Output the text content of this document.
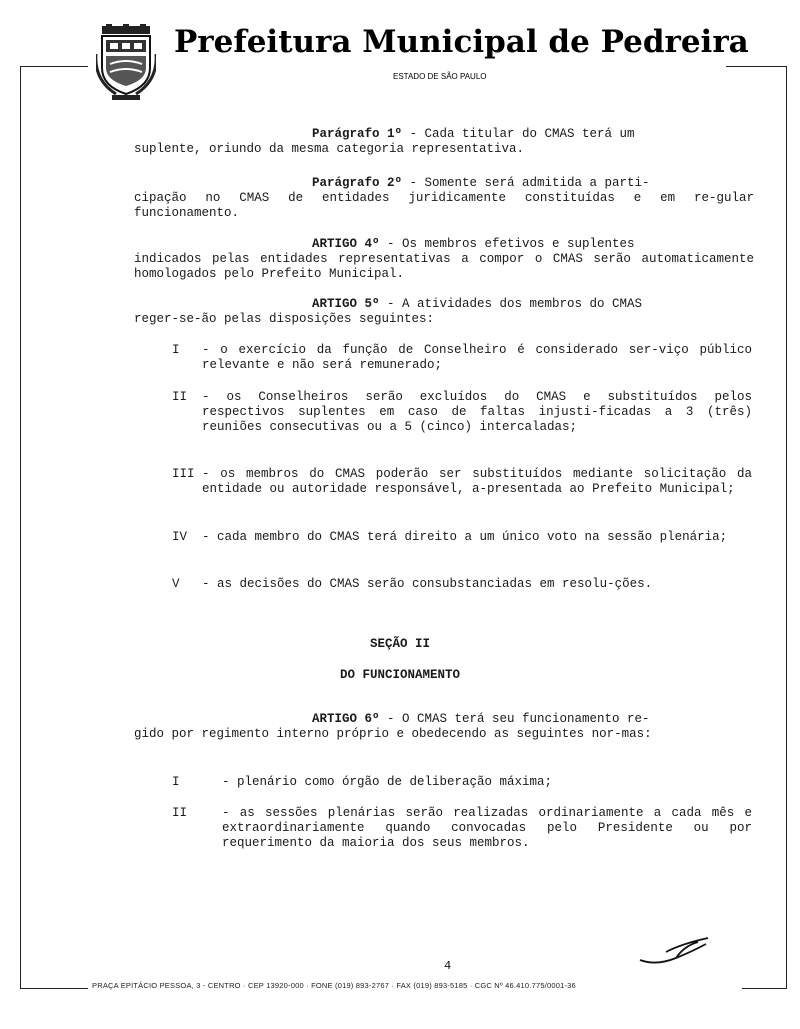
Prefeitura Municipal de Pedreira
ESTADO DE SÃO PAULO
Parágrafo 1º - Cada titular do CMAS terá um
suplente, oriundo da mesma categoria representativa.
Parágrafo 2º - Somente será admitida a parti-
cipação no CMAS de entidades juridicamente constituídas e em re-gular funcionamento.
ARTIGO 4º - Os membros efetivos e suplentes
indicados pelas entidades representativas a compor o CMAS serão automaticamente homologados pelo Prefeito Municipal.
ARTIGO 5º - A atividades dos membros do CMAS
reger-se-ão pelas disposições seguintes:
I	- o exercício da função de Conselheiro é considerado ser-viço público relevante e não será remunerado;
II	- os Conselheiros serão excluídos do CMAS e substituídos pelos respectivos suplentes em caso de faltas injusti-ficadas a 3 (três) reuniões consecutivas ou a 5 (cinco) intercaladas;
III - os membros do CMAS poderão ser substituídos mediante solicitação da entidade ou autoridade responsável, a-presentada ao Prefeito Municipal;
IV	- cada membro do CMAS terá direito a um único voto na sessão plenária;
V	- as decisões do CMAS serão consubstanciadas em resolu-ções.
SEÇÃO II
DO FUNCIONAMENTO
ARTIGO 6º - O CMAS terá seu funcionamento re-
gido por regimento interno próprio e obedecendo as seguintes nor-mas:
I	- plenário como órgão de deliberação máxima;
II	- as sessões plenárias serão realizadas ordinariamente a cada mês e extraordinariamente quando convocadas pelo Presidente ou por requerimento da maioria dos seus membros.
4
PRAÇA EPITÁCIO PESSOA, 3 - CENTRO · CEP 13920-000 · FONE (019) 893-2767 · FAX (019) 893-5185 · CGC Nº 46.410.775/0001-36
